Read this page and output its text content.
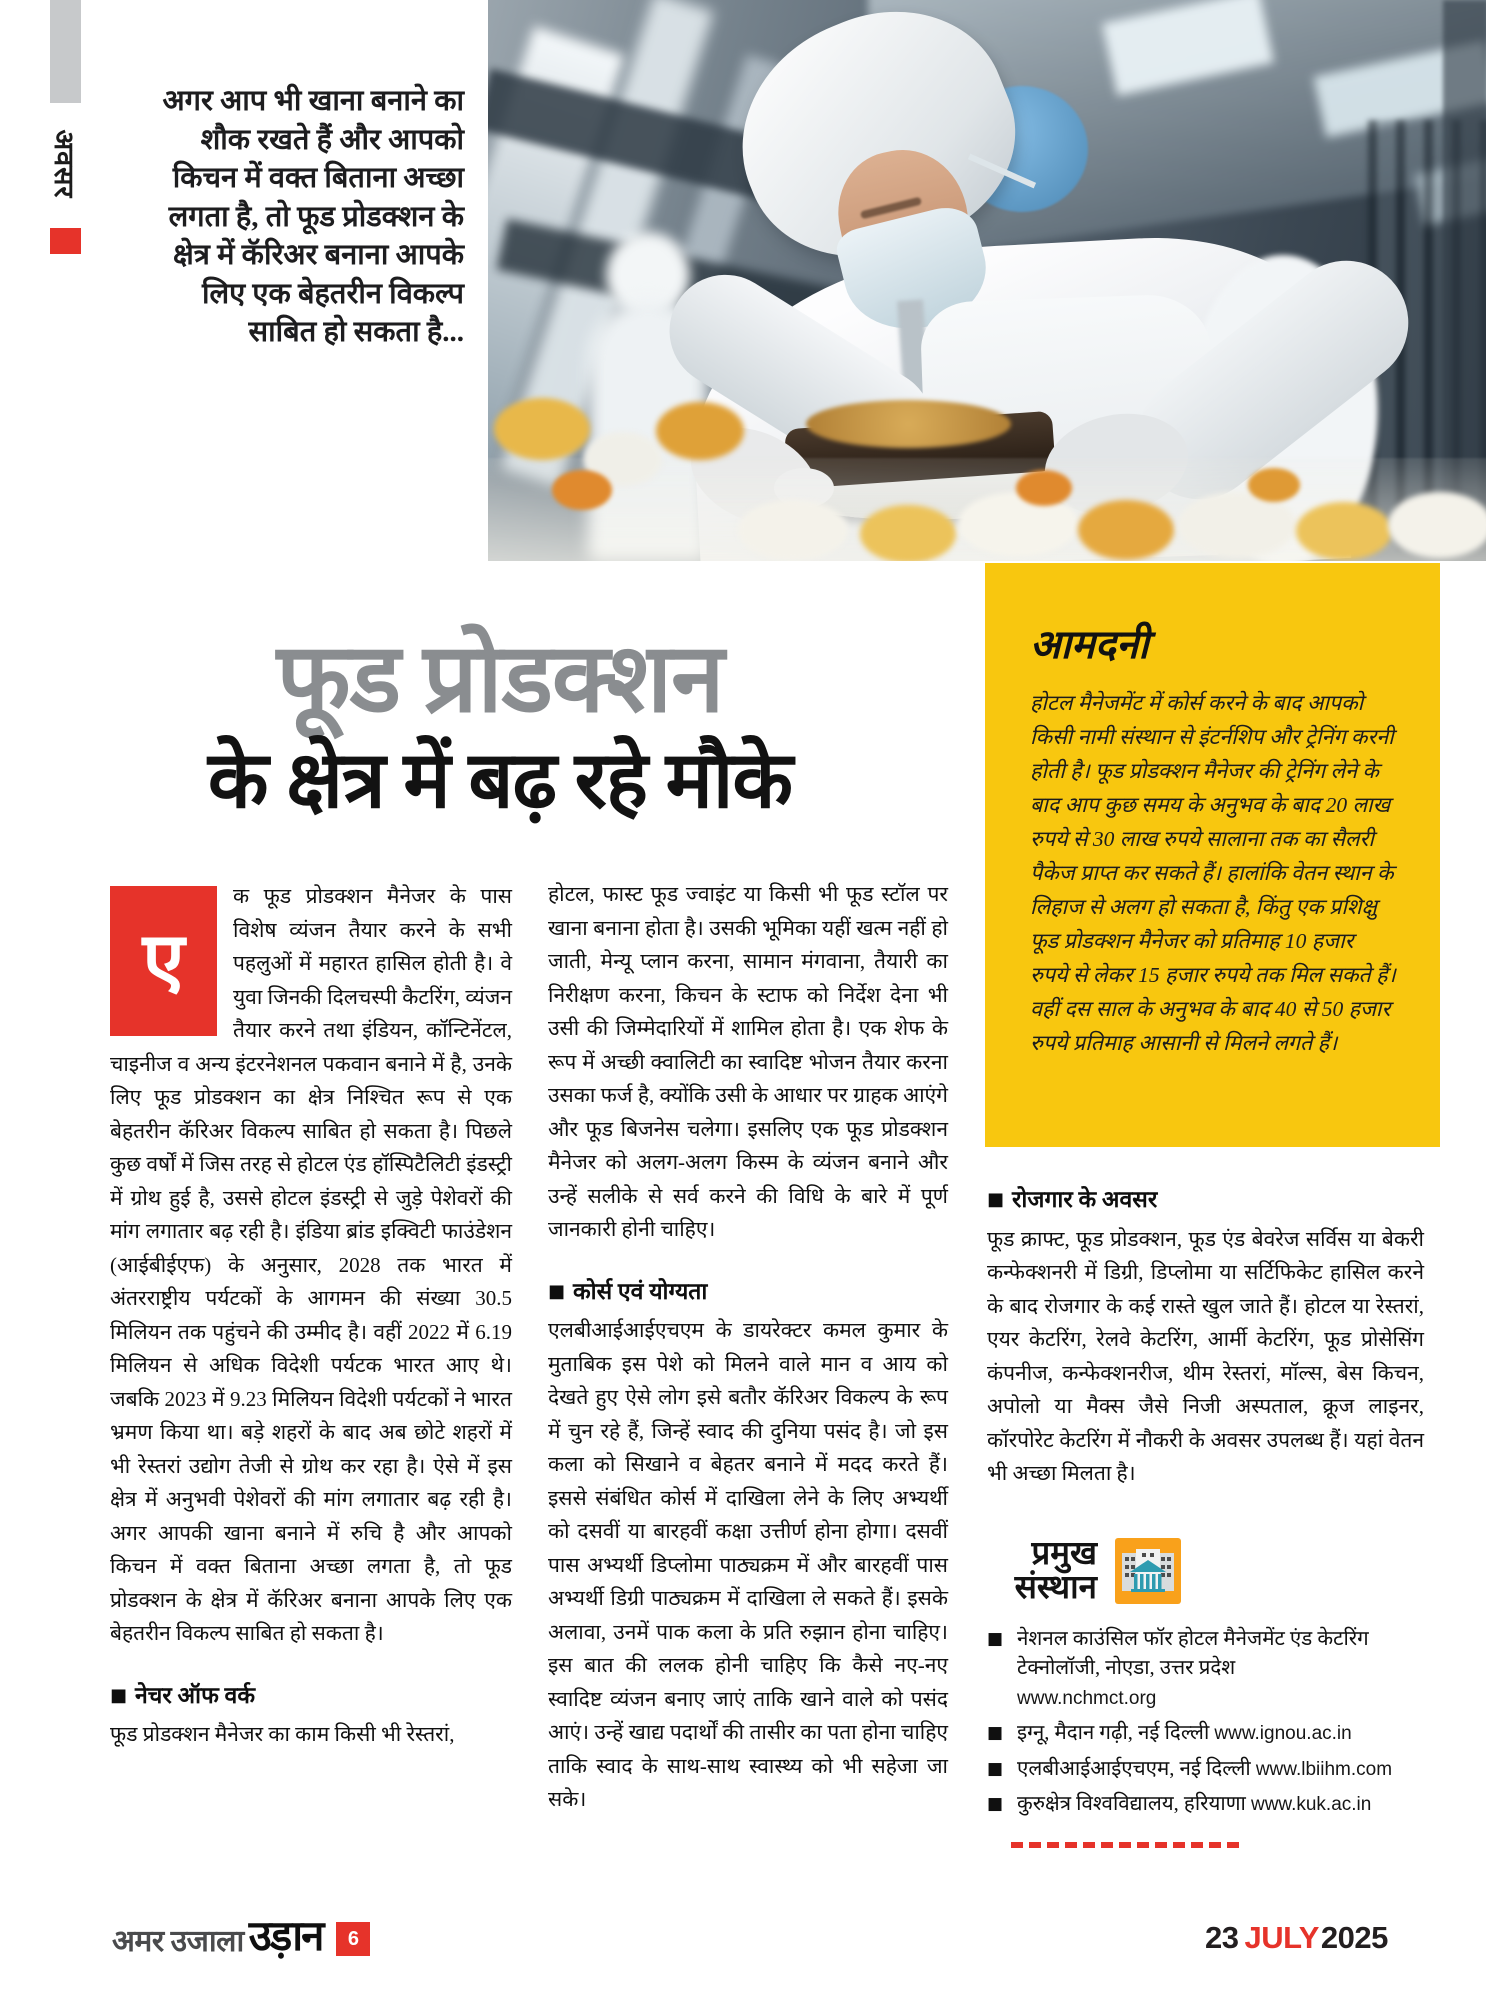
अवसर
अगर आप भी खाना बनाने का शौक रखते हैं और आपको किचन में वक्त बिताना अच्छा लगता है, तो फूड प्रोडक्शन के क्षेत्र में कॅरिअर बनाना आपके लिए एक बेहतरीन विकल्प साबित हो सकता है...
फूड प्रोडक्शन
के क्षेत्र में बढ़ रहे मौके
आमदनी
होटल मैनेजमेंट में कोर्स करने के बाद आपको किसी नामी संस्थान से इंटर्नशिप और ट्रेनिंग करनी होती है। फूड प्रोडक्शन मैनेजर की ट्रेनिंग लेने के बाद आप कुछ समय के अनुभव के बाद 20 लाख रुपये से 30 लाख रुपये सालाना तक का सैलरी पैकेज प्राप्त कर सकते हैं। हालांकि वेतन स्थान के लिहाज से अलग हो सकता है, किंतु एक प्रशिक्षु फूड प्रोडक्शन मैनेजर को प्रतिमाह 10 हजार रुपये से लेकर 15 हजार रुपये तक मिल सकते हैं। वहीं दस साल के अनुभव के बाद 40 से 50 हजार रुपये प्रतिमाह आसानी से मिलने लगते हैं।
ए

क फूड प्रोडक्शन मैनेजर के पास विशेष व्यंजन तैयार करने के सभी पहलुओं में महारत हासिल होती है। वे युवा जिनकी दिलचस्पी कैटरिंग, व्यंजन तैयार करने तथा इंडियन, कॉन्टिनेंटल, चाइनीज व अन्य इंटरनेशनल पकवान बनाने में है, उनके लिए फूड प्रोडक्शन का क्षेत्र निश्चित रूप से एक बेहतरीन कॅरिअर विकल्प साबित हो सकता है। पिछले कुछ वर्षों में जिस तरह से होटल एंड हॉस्पिटैलिटी इंडस्ट्री में ग्रोथ हुई है, उससे होटल इंडस्ट्री से जुड़े पेशेवरों की मांग लगातार बढ़ रही है। इंडिया ब्रांड इक्विटी फाउंडेशन (आईबीईएफ) के अनुसार, 2028 तक भारत में अंतरराष्ट्रीय पर्यटकों के आगमन की संख्या 30.5 मिलियन तक पहुंचने की उम्मीद है। वहीं 2022 में 6.19 मिलियन से अधिक विदेशी पर्यटक भारत आए थे। जबकि 2023 में 9.23 मिलियन विदेशी पर्यटकों ने भारत भ्रमण किया था। बड़े शहरों के बाद अब छोटे शहरों में भी रेस्तरां उद्योग तेजी से ग्रोथ कर रहा है। ऐसे में इस क्षेत्र में अनुभवी पेशेवरों की मांग लगातार बढ़ रही है। अगर आपकी खाना बनाने में रुचि है और आपको किचन में वक्त बिताना अच्छा लगता है, तो फूड प्रोडक्शन के क्षेत्र में कॅरिअर बनाना आपके लिए एक बेहतरीन विकल्प साबित हो सकता है।

■ नेचर ऑफ वर्क

फूड प्रोडक्शन मैनेजर का काम किसी भी रेस्तरां,

होटल, फास्ट फूड ज्वाइंट या किसी भी फूड स्टॉल पर खाना बनाना होता है। उसकी भूमिका यहीं खत्म नहीं हो जाती, मेन्यू प्लान करना, सामान मंगवाना, तैयारी का निरीक्षण करना, किचन के स्टाफ को निर्देश देना भी उसी की जिम्मेदारियों में शामिल होता है। एक शेफ के रूप में अच्छी क्वालिटी का स्वादिष्ट भोजन तैयार करना उसका फर्ज है, क्योंकि उसी के आधार पर ग्राहक आएंगे और फूड बिजनेस चलेगा। इसलिए एक फूड प्रोडक्शन मैनेजर को अलग-अलग किस्म के व्यंजन बनाने और उन्हें सलीके से सर्व करने की विधि के बारे में पूर्ण जानकारी होनी चाहिए।

■ कोर्स एवं योग्यता

एलबीआईआईएचएम के डायरेक्टर कमल कुमार के मुताबिक इस पेशे को मिलने वाले मान व आय को देखते हुए ऐसे लोग इसे बतौर कॅरिअर विकल्प के रूप में चुन रहे हैं, जिन्हें स्वाद की दुनिया पसंद है। जो इस कला को सिखाने व बेहतर बनाने में मदद करते हैं। इससे संबंधित कोर्स में दाखिला लेने के लिए अभ्यर्थी को दसवीं या बारहवीं कक्षा उत्तीर्ण होना होगा। दसवीं पास अभ्यर्थी डिप्लोमा पाठ्यक्रम में और बारहवीं पास अभ्यर्थी डिग्री पाठ्यक्रम में दाखिला ले सकते हैं। इसके अलावा, उनमें पाक कला के प्रति रुझान होना चाहिए। इस बात की ललक होनी चाहिए कि कैसे नए-नए स्वादिष्ट व्यंजन बनाए जाएं ताकि खाने वाले को पसंद आएं। उन्हें खाद्य पदार्थों की तासीर का पता होना चाहिए ताकि स्वाद के साथ-साथ स्वास्थ्य को भी सहेजा जा सके।

■ रोजगार के अवसर

फूड क्राफ्ट, फूड प्रोडक्शन, फूड एंड बेवरेज सर्विस या बेकरी कन्फेक्शनरी में डिग्री, डिप्लोमा या सर्टिफिकेट हासिल करने के बाद रोजगार के कई रास्ते खुल जाते हैं। होटल या रेस्तरां, एयर केटरिंग, रेलवे केटरिंग, आर्मी केटरिंग, फूड प्रोसेसिंग कंपनीज, कन्फेक्शनरीज, थीम रेस्तरां, मॉल्स, बेस किचन, अपोलो या मैक्स जैसे निजी अस्पताल, क्रूज लाइनर, कॉरपोरेट केटरिंग में नौकरी के अवसर उपलब्ध हैं। यहां वेतन भी अच्छा मिलता है।

प्रमुख
संस्थान
■ नेशनल काउंसिल फॉर होटल मैनेजमेंट एंड केटरिंग टेक्नोलॉजी, नोएडा, उत्तर प्रदेश
www.nchmct.org
■ इग्नू, मैदान गढ़ी, नई दिल्ली www.ignou.ac.in
■ एलबीआईआईएचएम, नई दिल्ली www.lbiihm.com
■ कुरुक्षेत्र विश्वविद्यालय, हरियाणा www.kuk.ac.in
अमर उजाला उड़ान	6	23 JULY2025
